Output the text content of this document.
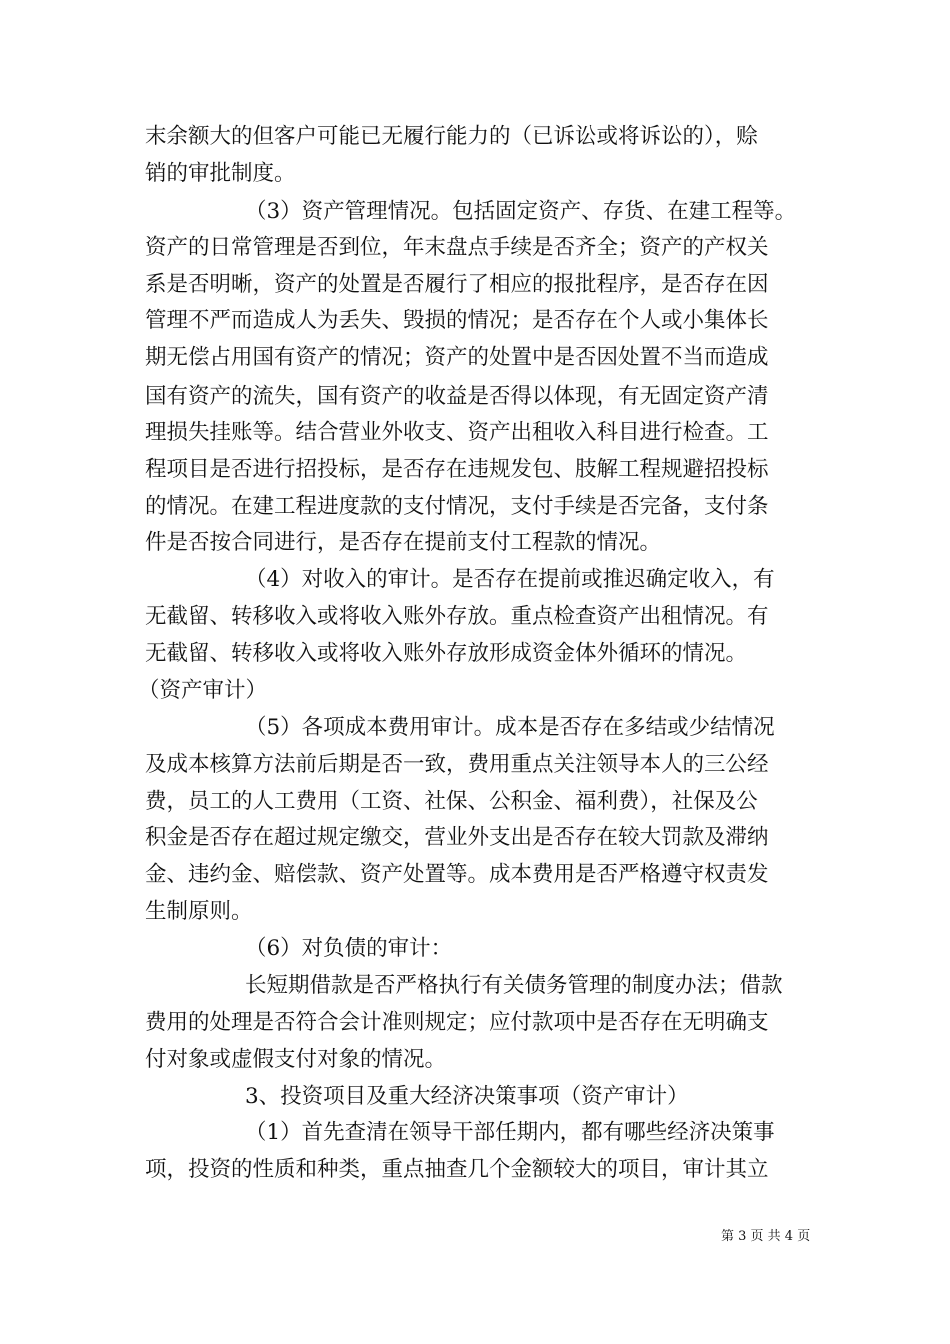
末余额大的但客户可能已无履行能力的（已诉讼或将诉讼的），赊
销的审批制度。
（3）资产管理情况。包括固定资产、存货、在建工程等。
资产的日常管理是否到位，年末盘点手续是否齐全；资产的产权关
系是否明晰，资产的处置是否履行了相应的报批程序，是否存在因
管理不严而造成人为丢失、毁损的情况；是否存在个人或小集体长
期无偿占用国有资产的情况；资产的处置中是否因处置不当而造成
国有资产的流失，国有资产的收益是否得以体现，有无固定资产清
理损失挂账等。结合营业外收支、资产出租收入科目进行检查。工
程项目是否进行招投标，是否存在违规发包、肢解工程规避招投标
的情况。在建工程进度款的支付情况，支付手续是否完备，支付条
件是否按合同进行，是否存在提前支付工程款的情况。
（4）对收入的审计。是否存在提前或推迟确定收入，有
无截留、转移收入或将收入账外存放。重点检查资产出租情况。有
无截留、转移收入或将收入账外存放形成资金体外循环的情况。
（资产审计）
（5）各项成本费用审计。成本是否存在多结或少结情况
及成本核算方法前后期是否一致，费用重点关注领导本人的三公经
费，员工的人工费用（工资、社保、公积金、福利费），社保及公
积金是否存在超过规定缴交，营业外支出是否存在较大罚款及滞纳
金、违约金、赔偿款、资产处置等。成本费用是否严格遵守权责发
生制原则。
（6）对负债的审计：
长短期借款是否严格执行有关债务管理的制度办法；借款
费用的处理是否符合会计准则规定；应付款项中是否存在无明确支
付对象或虚假支付对象的情况。
3、投资项目及重大经济决策事项（资产审计）
（1）首先查清在领导干部任期内，都有哪些经济决策事
项，投资的性质和种类，重点抽查几个金额较大的项目，审计其立
第 3 页 共 4 页
